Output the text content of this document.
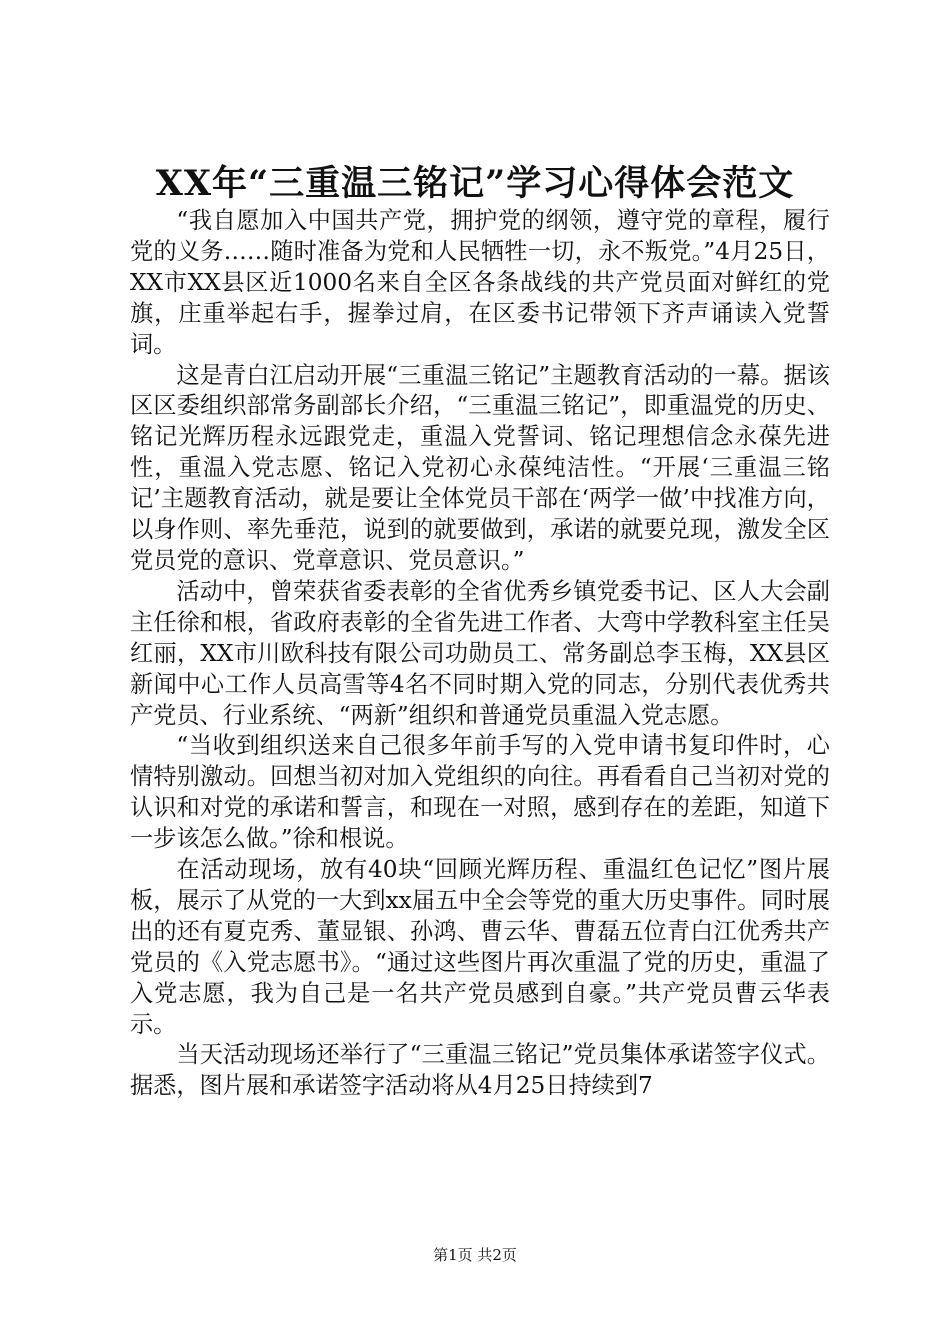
XX年“三重温三铭记”学习心得体会范文

“我自愿加入中国共产党，拥护党的纲领，遵守党的章程，履行党的义务……随时准备为党和人民牺牲一切，永不叛党。”4月25日，XX市XX县区近1000名来自全区各条战线的共产党员面对鲜红的党旗，庄重举起右手，握拳过肩，在区委书记带领下齐声诵读入党誓词。

这是青白江启动开展“三重温三铭记”主题教育活动的一幕。据该区区委组织部常务副部长介绍，“三重温三铭记”，即重温党的历史、铭记光辉历程永远跟党走，重温入党誓词、铭记理想信念永葆先进性，重温入党志愿、铭记入党初心永葆纯洁性。“开展‘三重温三铭记’主题教育活动，就是要让全体党员干部在‘两学一做’中找准方向，以身作则、率先垂范，说到的就要做到，承诺的就要兑现，激发全区党员党的意识、党章意识、党员意识。”

活动中，曾荣获省委表彰的全省优秀乡镇党委书记、区人大会副主任徐和根，省政府表彰的全省先进工作者、大弯中学教科室主任吴红丽，XX市川欧科技有限公司功勋员工、常务副总李玉梅，XX县区新闻中心工作人员高雪等4名不同时期入党的同志，分别代表优秀共产党员、行业系统、“两新”组织和普通党员重温入党志愿。

“当收到组织送来自己很多年前手写的入党申请书复印件时，心情特别激动。回想当初对加入党组织的向往。再看看自己当初对党的认识和对党的承诺和誓言，和现在一对照，感到存在的差距，知道下一步该怎么做。”徐和根说。

在活动现场，放有40块“回顾光辉历程、重温红色记忆”图片展板，展示了从党的一大到xx届五中全会等党的重大历史事件。同时展出的还有夏克秀、董显银、孙鸿、曹云华、曹磊五位青白江优秀共产党员的《入党志愿书》。“通过这些图片再次重温了党的历史，重温了入党志愿，我为自己是一名共产党员感到自豪。”共产党员曹云华表示。

当天活动现场还举行了“三重温三铭记”党员集体承诺签字仪式。据悉，图片展和承诺签字活动将从4月25日持续到7

第1页 共2页
